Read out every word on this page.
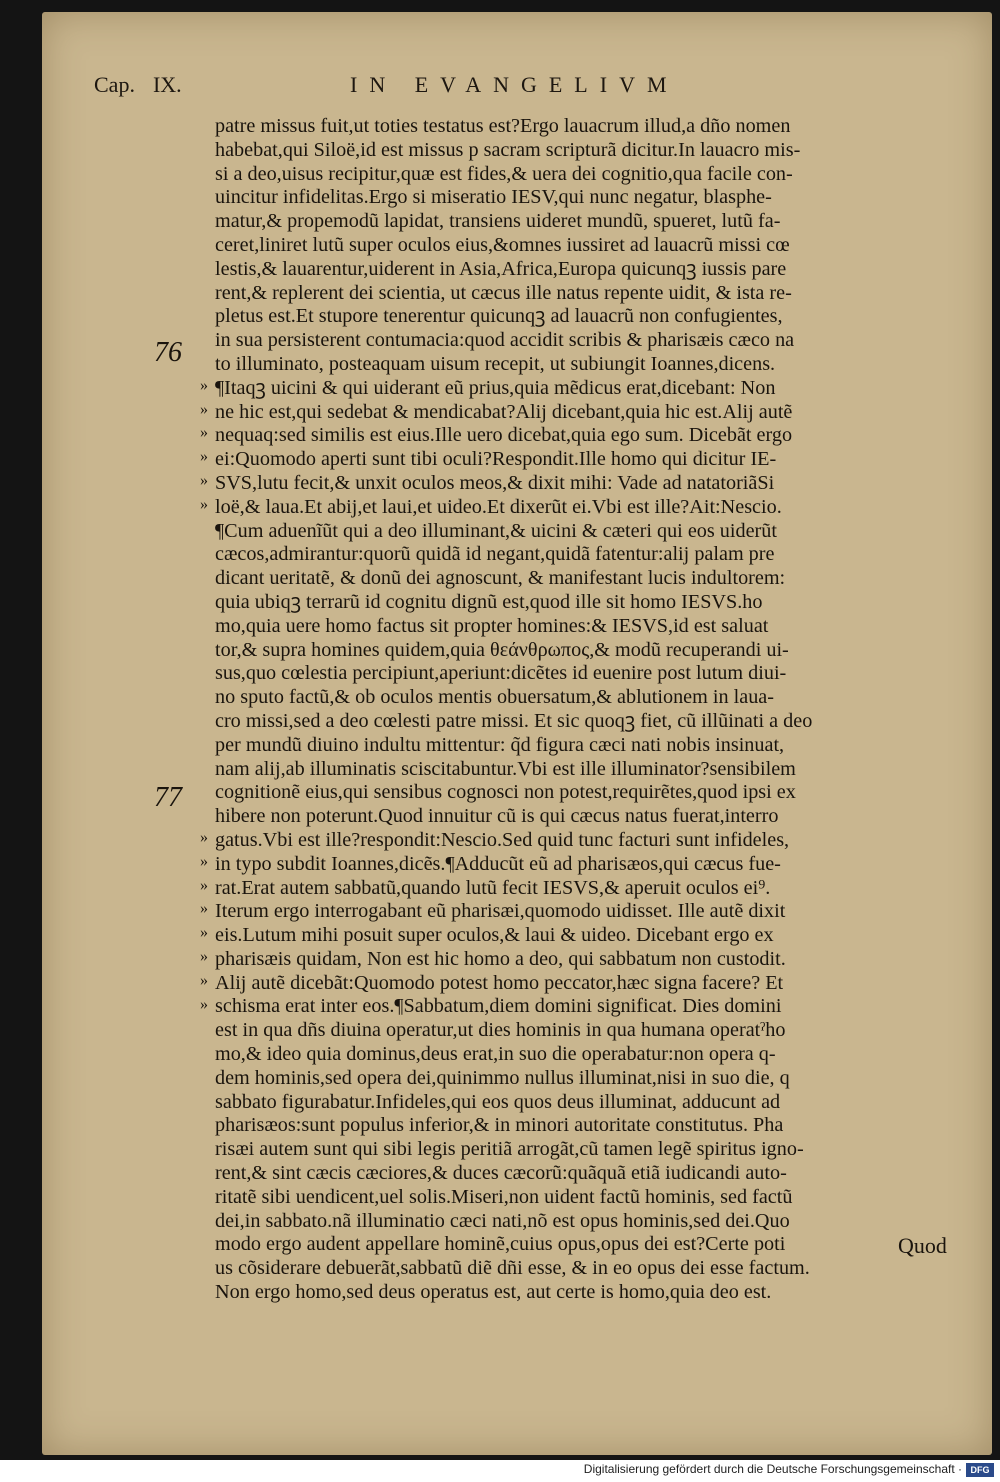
Cap. IX.	IN EVANGELIVM
76
77
»
»
»
»
»
»
»
»
»
»
»
»
»
»
patre missus fuit,ut toties testatus est?Ergo lauacrum illud,a dño nomen
habebat,qui Siloë,id est missus p sacram scripturã dicitur.In lauacro mis-
si a deo,uisus recipitur,quæ est fides,& uera dei cognitio,qua facile con-
uincitur infidelitas.Ergo si miseratio IESV,qui nunc negatur, blasphe-
matur,& propemodũ lapidat, transiens uideret mundũ, spueret, lutũ fa-
ceret,liniret lutũ super oculos eius,&omnes iussiret ad lauacrũ missi cœ
lestis,& lauarentur,uiderent in Asia,Africa,Europa quicunqꝫ iussis pare
rent,& replerent dei scientia, ut cæcus ille natus repente uidit, & ista re-
pletus est.Et stupore tenerentur quicunqꝫ ad lauacrũ non confugientes,
in sua persisterent contumacia:quod accidit scribis & pharisæis cæco na
to illuminato, posteaquam uisum recepit, ut subiungit Ioannes,dicens.
¶Itaqꝫ uicini & qui uiderant eũ prius,quia mẽdicus erat,dicebant: Non
ne hic est,qui sedebat & mendicabat?Alij dicebant,quia hic est.Alij autẽ
nequaq:sed similis est eius.Ille uero dicebat,quia ego sum. Dicebãt ergo
ei:Quomodo aperti sunt tibi oculi?Respondit.Ille homo qui dicitur IE-
SVS,lutu fecit,& unxit oculos meos,& dixit mihi: Vade ad natatoriãSi
loë,& laua.Et abij,et laui,et uideo.Et dixerũt ei.Vbi est ille?Ait:Nescio.
¶Cum aduenĩũt qui a deo illuminant,& uicini & cæteri qui eos uiderũt
cæcos,admirantur:quorũ quidã id negant,quidã fatentur:alij palam pre
dicant ueritatẽ, & donũ dei agnoscunt, & manifestant lucis indultorem:
quia ubiqꝫ terrarũ id cognitu dignũ est,quod ille sit homo IESVS.ho
mo,quia uere homo factus sit propter homines:& IESVS,id est saluat
tor,& supra homines quidem,quia θεάνθρωπος,& modũ recuperandi ui-
sus,quo cœlestia percipiunt,aperiunt:dicẽtes id euenire post lutum diui-
no sputo factũ,& ob oculos mentis obuersatum,& ablutionem in laua-
cro missi,sed a deo cœlesti patre missi. Et sic quoqꝫ fiet, cũ illũinati a deo
per mundũ diuino indultu mittentur: q̃d figura cæci nati nobis insinuat,
nam alij,ab illuminatis sciscitabuntur.Vbi est ille illuminator?sensibilem
cognitionẽ eius,qui sensibus cognosci non potest,requirẽtes,quod ipsi ex
hibere non poterunt.Quod innuitur cũ is qui cæcus natus fuerat,interro
gatus.Vbi est ille?respondit:Nescio.Sed quid tunc facturi sunt infideles,
in typo subdit Ioannes,dicẽs.¶Adducũt eũ ad pharisæos,qui cæcus fue-
rat.Erat autem sabbatũ,quando lutũ fecit IESVS,& aperuit oculos ei⁹.
Iterum ergo interrogabant eũ pharisæi,quomodo uidisset. Ille autẽ dixit
eis.Lutum mihi posuit super oculos,& laui & uideo. Dicebant ergo ex
pharisæis quidam, Non est hic homo a deo, qui sabbatum non custodit.
Alij autẽ dicebãt:Quomodo potest homo peccator,hæc signa facere? Et
schisma erat inter eos.¶Sabbatum,diem domini significat. Dies domini
est in qua dñs diuina operatur,ut dies hominis in qua humana operatˀho
mo,& ideo quia dominus,deus erat,in suo die operabatur:non opera q-
dem hominis,sed opera dei,quinimmo nullus illuminat,nisi in suo die, q
sabbato figurabatur.Infideles,qui eos quos deus illuminat, adducunt ad
pharisæos:sunt populus inferior,& in minori autoritate constitutus. Pha
risæi autem sunt qui sibi legis peritiã arrogãt,cũ tamen legẽ spiritus igno-
rent,& sint cæcis cæciores,& duces cæcorũ:quãquã etiã iudicandi auto-
ritatẽ sibi uendicent,uel solis.Miseri,non uident factũ hominis, sed factũ
dei,in sabbato.nã illuminatio cæci nati,nõ est opus hominis,sed dei.Quo
modo ergo audent appellare hominẽ,cuius opus,opus dei est?Certe poti
us cõsiderare debuerãt,sabbatũ diẽ dñi esse, & in eo opus dei esse factum.
Non ergo homo,sed deus operatus est, aut certe is homo,quia deo est.
Quod
Digitalisierung gefördert durch die Deutsche Forschungsgemeinschaft · DFG
